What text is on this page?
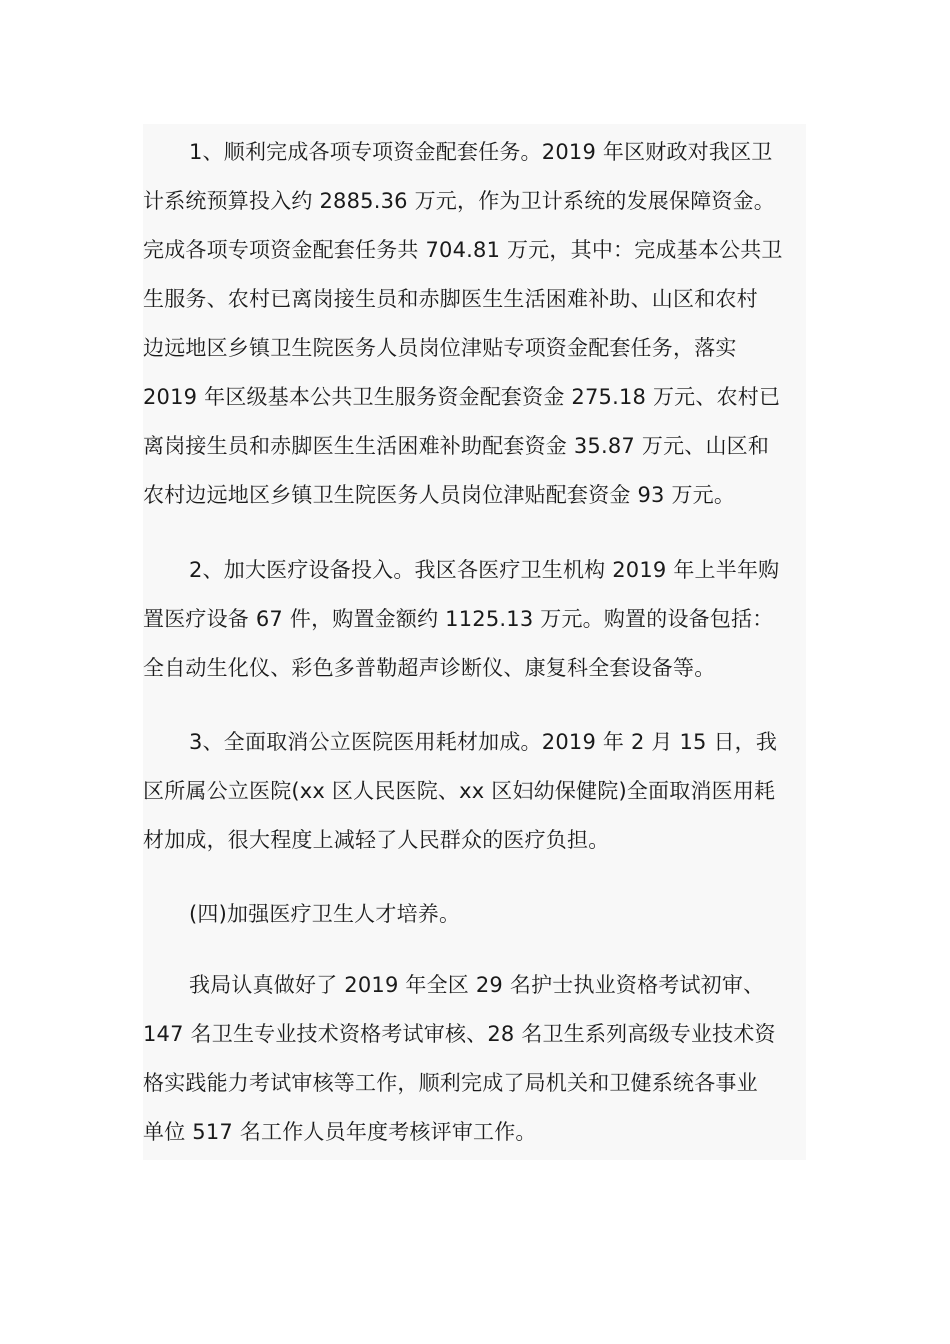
1、顺利完成各项专项资金配套任务。2019 年区财政对我区卫
计系统预算投入约 2885.36 万元，作为卫计系统的发展保障资金。
完成各项专项资金配套任务共 704.81 万元，其中：完成基本公共卫
生服务、农村已离岗接生员和赤脚医生生活困难补助、山区和农村
边远地区乡镇卫生院医务人员岗位津贴专项资金配套任务，落实
2019 年区级基本公共卫生服务资金配套资金 275.18 万元、农村已
离岗接生员和赤脚医生生活困难补助配套资金 35.87 万元、山区和
农村边远地区乡镇卫生院医务人员岗位津贴配套资金 93 万元。
2、加大医疗设备投入。我区各医疗卫生机构 2019 年上半年购
置医疗设备 67 件，购置金额约 1125.13 万元。购置的设备包括：
全自动生化仪、彩色多普勒超声诊断仪、康复科全套设备等。
3、全面取消公立医院医用耗材加成。2019 年 2 月 15 日，我
区所属公立医院(xx 区人民医院、xx 区妇幼保健院)全面取消医用耗
材加成，很大程度上减轻了人民群众的医疗负担。
(四)加强医疗卫生人才培养。
我局认真做好了 2019 年全区 29 名护士执业资格考试初审、
147 名卫生专业技术资格考试审核、28 名卫生系列高级专业技术资
格实践能力考试审核等工作，顺利完成了局机关和卫健系统各事业
单位 517 名工作人员年度考核评审工作。
